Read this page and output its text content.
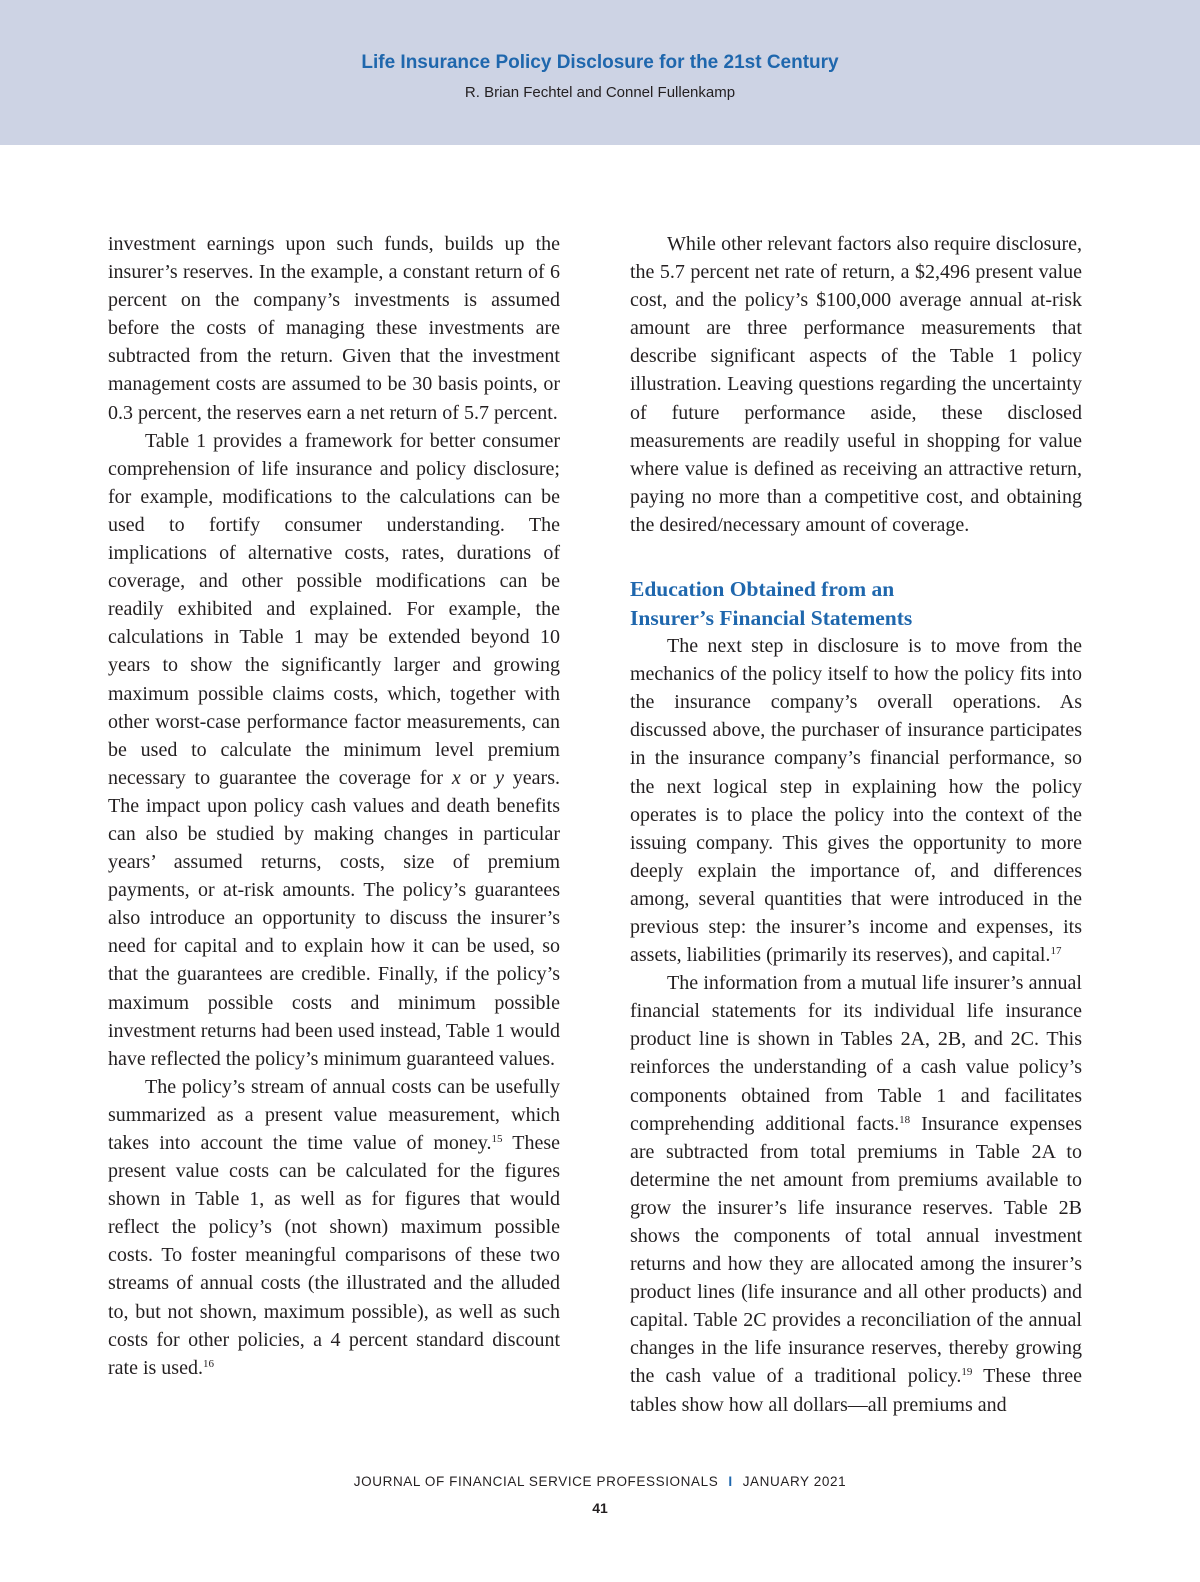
Life Insurance Policy Disclosure for the 21st Century
R. Brian Fechtel and Connel Fullenkamp

investment earnings upon such funds, builds up the insurer’s reserves. In the example, a constant return of 6 percent on the company’s investments is assumed before the costs of managing these investments are subtracted from the return. Given that the investment management costs are assumed to be 30 basis points, or 0.3 percent, the reserves earn a net return of 5.7 percent.

Table 1 provides a framework for better consumer comprehension of life insurance and policy disclosure; for example, modifications to the calculations can be used to fortify consumer understanding. The implications of alternative costs, rates, durations of coverage, and other possible modifications can be readily exhibited and explained. For example, the calculations in Table 1 may be extended beyond 10 years to show the significantly larger and growing maximum possible claims costs, which, together with other worst-case performance factor measurements, can be used to calculate the minimum level premium necessary to guarantee the coverage for x or y years. The impact upon policy cash values and death benefits can also be studied by making changes in particular years’ assumed returns, costs, size of premium payments, or at-risk amounts. The policy’s guarantees also introduce an opportunity to discuss the insurer’s need for capital and to explain how it can be used, so that the guarantees are credible. Finally, if the policy’s maximum possible costs and minimum possible investment returns had been used instead, Table 1 would have reflected the policy’s minimum guaranteed values.

The policy’s stream of annual costs can be usefully summarized as a present value measurement, which takes into account the time value of money.$^{15}$ These present value costs can be calculated for the figures shown in Table 1, as well as for figures that would reflect the policy’s (not shown) maximum possible costs. To foster meaningful comparisons of these two streams of annual costs (the illustrated and the alluded to, but not shown, maximum possible), as well as such costs for other policies, a 4 percent standard discount rate is used.$^{16}$

While other relevant factors also require disclosure, the 5.7 percent net rate of return, a $2,496 present value cost, and the policy’s $100,000 average annual at-risk amount are three performance measurements that describe significant aspects of the Table 1 policy illustration. Leaving questions regarding the uncertainty of future performance aside, these disclosed measurements are readily useful in shopping for value where value is defined as receiving an attractive return, paying no more than a competitive cost, and obtaining the desired/necessary amount of coverage.

Education Obtained from an
Insurer’s Financial Statements

The next step in disclosure is to move from the mechanics of the policy itself to how the policy fits into the insurance company’s overall operations. As discussed above, the purchaser of insurance participates in the insurance company’s financial performance, so the next logical step in explaining how the policy operates is to place the policy into the context of the issuing company. This gives the opportunity to more deeply explain the importance of, and differences among, several quantities that were introduced in the previous step: the insurer’s income and expenses, its assets, liabilities (primarily its reserves), and capital.$^{17}$

The information from a mutual life insurer’s annual financial statements for its individual life insurance product line is shown in Tables 2A, 2B, and 2C. This reinforces the understanding of a cash value policy’s components obtained from Table 1 and facilitates comprehending additional facts.$^{18}$ Insurance expenses are subtracted from total premiums in Table 2A to determine the net amount from premiums available to grow the insurer’s life insurance reserves. Table 2B shows the components of total annual investment returns and how they are allocated among the insurer’s product lines (life insurance and all other products) and capital. Table 2C provides a reconciliation of the annual changes in the life insurance reserves, thereby growing the cash value of a traditional policy.$^{19}$ These three tables show how all dollars—all premiums and

JOURNAL OF FINANCIAL SERVICE PROFESSIONALS I JANUARY 2021
41
